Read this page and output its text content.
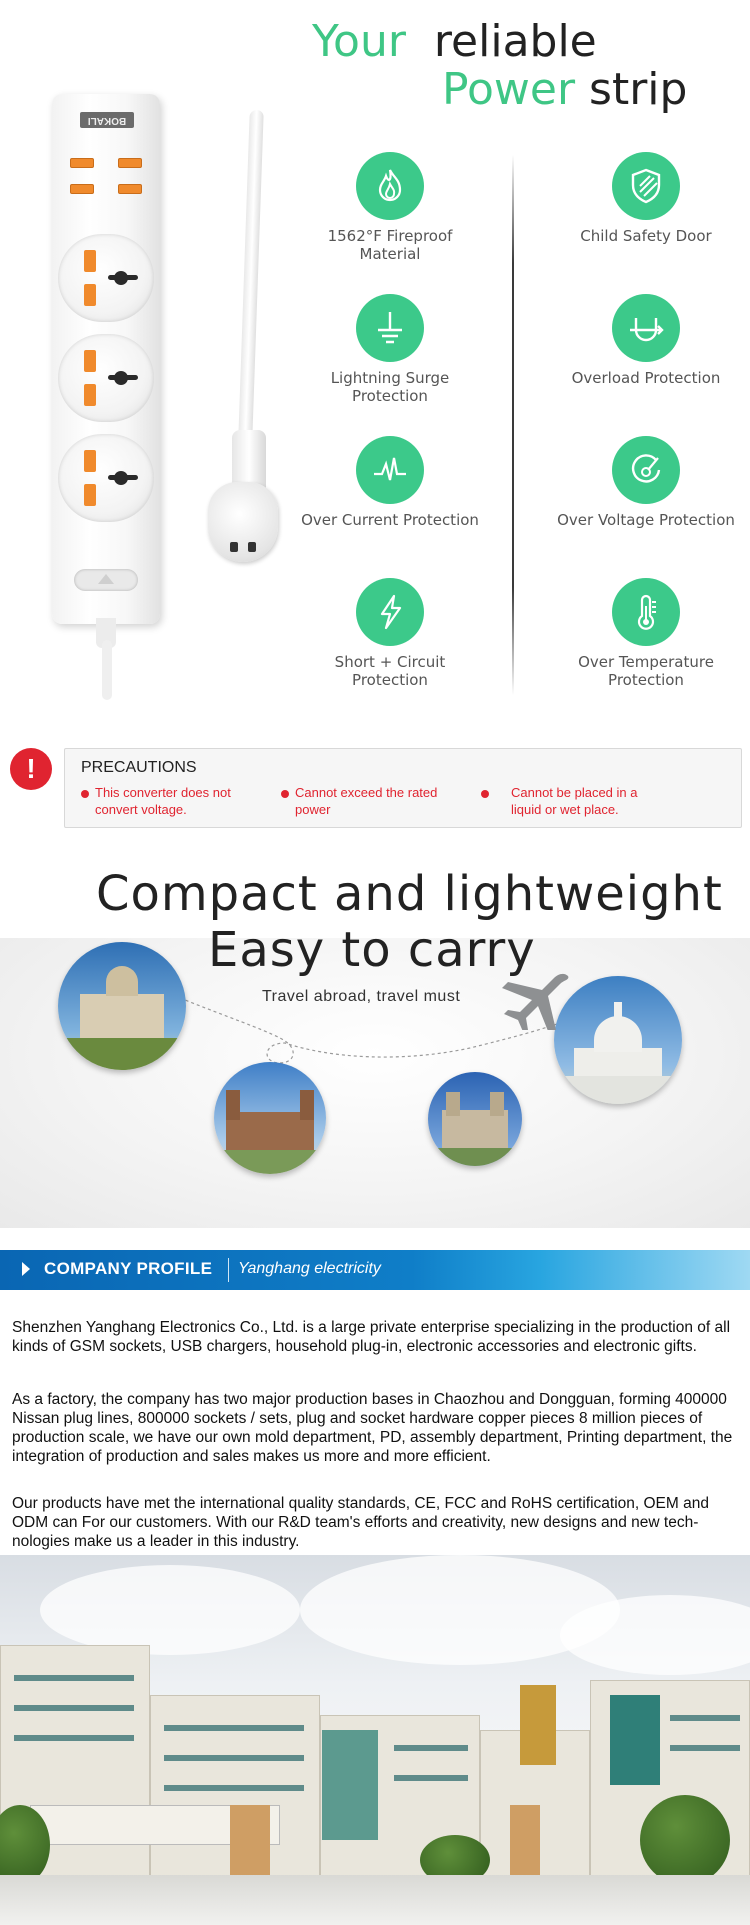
Your reliable
Power strip
BOKALI
1562°F Fireproof Material
Child Safety Door
Lightning Surge Protection
Overload Protection
Over Current Protection	Over Voltage Protection
Short + Circuit Protection
Over Temperature Protection
!	PRECAUTIONS
This converter does not convert voltage.
Cannot exceed the rated power
Cannot be placed in a liquid or wet place.
Compact and lightweight
Easy to carry
Travel abroad, travel must
COMPANY PROFILE Yanghang electricity

Shenzhen Yanghang Electronics Co., Ltd. is a large private enterprise specializing in the production of all kinds of GSM sockets, USB chargers, household plug-in, electronic accessories and electronic gifts.

As a factory, the company has two major production bases in Chaozhou and Dongguan, forming 400000 Nissan plug lines, 800000 sockets / sets, plug and socket hardware copper pieces 8 million pieces of production scale, we have our own mold department, PD, assembly department, Printing department, the integration of production and sales makes us more and more efficient.

Our products have met the international quality standards, CE, FCC and RoHS certification, OEM and ODM can For our customers. With our R&D team's efforts and creativity, new designs and new tech-nologies make us a leader in this industry.
